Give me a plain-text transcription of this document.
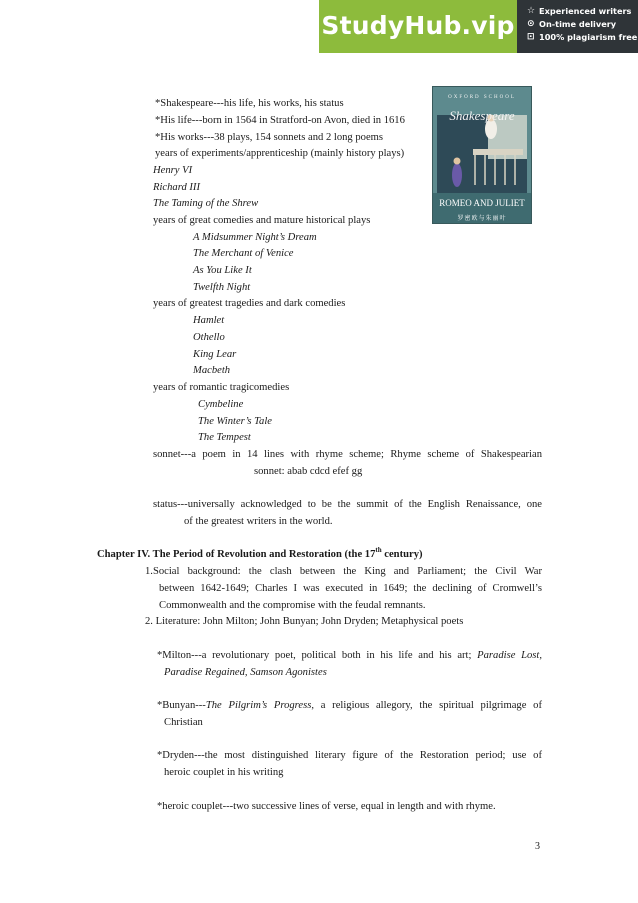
StudyHub.vip
☆ Experienced writers
⊙ On-time delivery
⊡ 100% plagiarism free
OXFORD SCHOOL
Shakespeare
ROMEO AND JULIET
罗密欧与朱丽叶
*Shakespeare---his life, his works, his status
*His life---born in 1564 in Stratford-on Avon, died in 1616
*His works---38 plays, 154 sonnets and 2 long poems
years of experiments/apprenticeship (mainly history plays)
Henry VI
Richard III
The Taming of the Shrew
years of great comedies and mature historical plays
A Midsummer Night’s Dream
The Merchant of Venice
As You Like It
Twelfth Night
years of greatest tragedies and dark comedies
Hamlet
Othello
King Lear
Macbeth
years of romantic tragicomedies
Cymbeline
The Winter’s Tale
The Tempest
sonnet---a poem in 14 lines with rhyme scheme; Rhyme scheme of Shakespearian
sonnet: abab cdcd efef gg
status---universally acknowledged to be the summit of the English Renaissance, one
of the greatest writers in the world.
Chapter IV. The Period of Revolution and Restoration (the 17th century)
1.Social background: the clash between the King and Parliament; the Civil War
between 1642-1649; Charles I was executed in 1649; the declining of Cromwell’s
Commonwealth and the compromise with the feudal remnants.
2. Literature: John Milton; John Bunyan; John Dryden; Metaphysical poets
*Milton---a revolutionary poet, political both in his life and his art; Paradise Lost,
Paradise Regained, Samson Agonistes
*Bunyan---The Pilgrim’s Progress, a religious allegory, the spiritual pilgrimage of
Christian
*Dryden---the most distinguished literary figure of the Restoration period; use of
heroic couplet in his writing
*heroic couplet---two successive lines of verse, equal in length and with rhyme.
3
